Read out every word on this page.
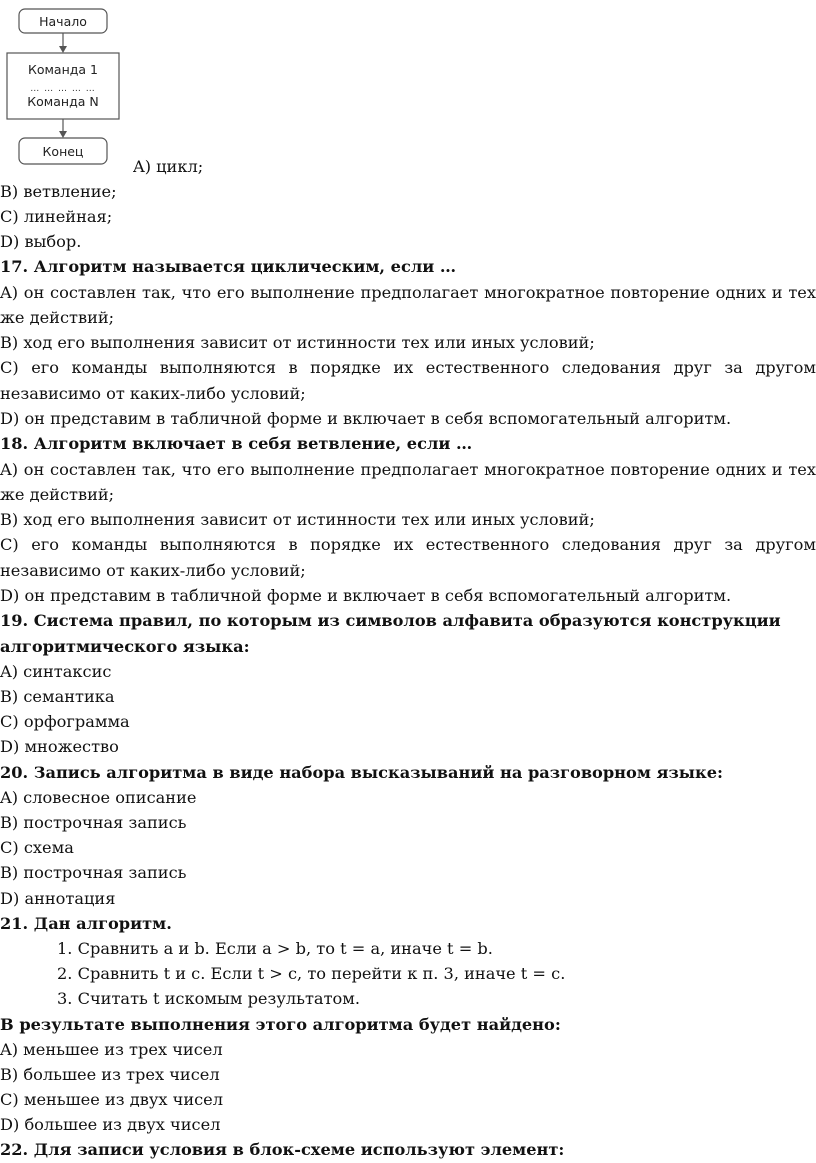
Начало
Команда 1
… … … … …
Команда N
Конец
A) цикл;
B) ветвление;
C) линейная;
D) выбор.
17. Алгоритм называется циклическим, если …
A) он составлен так, что его выполнение предполагает многократное повторение одних и тех
же действий;
B) ход его выполнения зависит от истинности тех или иных условий;
C) его команды выполняются в порядке их естественного следования друг за другом
независимо от каких-либо условий;
D) он представим в табличной форме и включает в себя вспомогательный алгоритм.
18. Алгоритм включает в себя ветвление, если …
A) он составлен так, что его выполнение предполагает многократное повторение одних и тех
же действий;
B) ход его выполнения зависит от истинности тех или иных условий;
C) его команды выполняются в порядке их естественного следования друг за другом
независимо от каких-либо условий;
D) он представим в табличной форме и включает в себя вспомогательный алгоритм.
19. Система правил, по которым из символов алфавита образуются конструкции
алгоритмического языка:
A) синтаксис
B) семантика
C) орфограмма
D) множество
20. Запись алгоритма в виде набора высказываний на разговорном языке:
A) словесное описание
B) построчная запись
C) схема
B) построчная запись
D) аннотация
21. Дан алгоритм.
1. Сравнить a и b. Если a > b, то t = a, иначе t = b.
2. Сравнить t и c. Если t > c, то перейти к п. 3, иначе t = c.
3. Считать t искомым результатом.
В результате выполнения этого алгоритма будет найдено:
A) меньшее из трех чисел
B) большее из трех чисел
C) меньшее из двух чисел
D) большее из двух чисел
22. Для записи условия в блок-схеме используют элемент:
